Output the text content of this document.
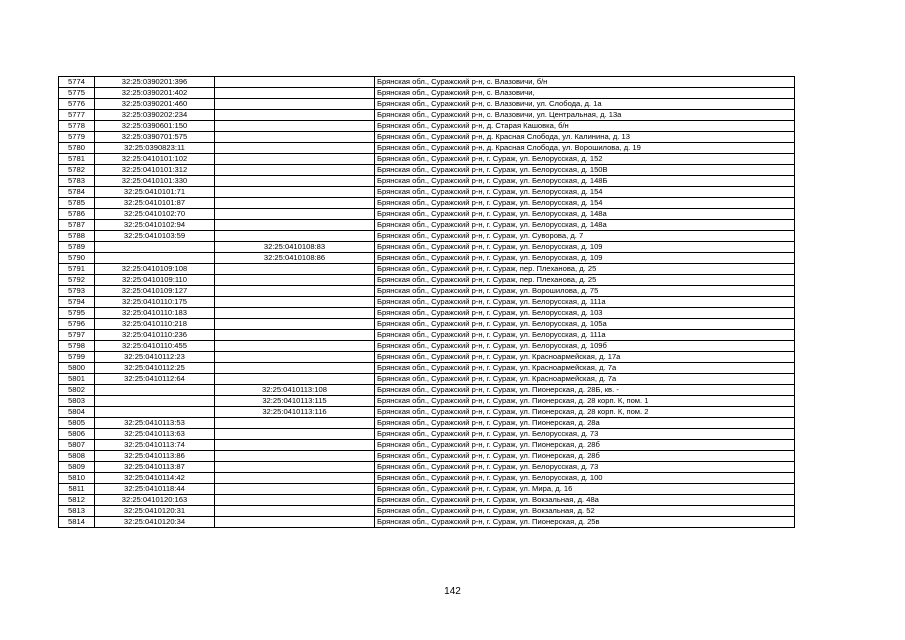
5774	32:25:0390201:396		Брянская обл., Суражский р-н, с. Влазовичи, б/н
5775	32:25:0390201:402		Брянская обл., Суражский р-н, с. Влазовичи,
5776	32:25:0390201:460		Брянская обл., Суражский р-н, с. Влазовичи, ул. Слобода, д. 1а
5777	32:25:0390202:234		Брянская обл., Суражский р-н, с. Влазовичи, ул. Центральная, д. 13а
5778	32:25:0390601:150		Брянская обл., Суражский р-н, д. Старая Кашовка, б/н
5779	32:25:0390701:575		Брянская обл., Суражский р-н, д. Красная Слобода, ул. Калинина, д. 13
5780	32:25:0390823:11		Брянская обл., Суражский р-н, д. Красная Слобода, ул. Ворошилова, д. 19
5781	32:25:0410101:102		Брянская обл., Суражский р-н, г. Сураж, ул. Белорусская, д. 152
5782	32:25:0410101:312		Брянская обл., Суражский р-н, г. Сураж, ул. Белорусская, д. 150В
5783	32:25:0410101:330		Брянская обл., Суражский р-н, г. Сураж, ул. Белорусская, д. 148Б
5784	32:25:0410101:71		Брянская обл., Суражский р-н, г. Сураж, ул. Белорусская, д. 154
5785	32:25:0410101:87		Брянская обл., Суражский р-н, г. Сураж, ул. Белорусская, д. 154
5786	32:25:0410102:70		Брянская обл., Суражский р-н, г. Сураж, ул. Белорусская, д. 148а
5787	32:25:0410102:94		Брянская обл., Суражский р-н, г. Сураж, ул. Белорусская, д. 148а
5788	32:25:0410103:59		Брянская обл., Суражский р-н, г. Сураж, ул. Суворова, д. 7
5789		32:25:0410108:83	Брянская обл., Суражский р-н, г. Сураж, ул. Белорусская, д. 109
5790		32:25:0410108:86	Брянская обл., Суражский р-н, г. Сураж, ул. Белорусская, д. 109
5791	32:25:0410109:108		Брянская обл., Суражский р-н, г. Сураж, пер. Плеханова, д. 25
5792	32:25:0410109:110		Брянская обл., Суражский р-н, г. Сураж, пер. Плеханова, д. 25
5793	32:25:0410109:127		Брянская обл., Суражский р-н, г. Сураж, ул. Ворошилова, д. 75
5794	32:25:0410110:175		Брянская обл., Суражский р-н, г. Сураж, ул. Белорусская, д. 111а
5795	32:25:0410110:183		Брянская обл., Суражский р-н, г. Сураж, ул. Белорусская, д. 103
5796	32:25:0410110:218		Брянская обл., Суражский р-н, г. Сураж, ул. Белорусская, д. 105а
5797	32:25:0410110:236		Брянская обл., Суражский р-н, г. Сураж, ул. Белорусская, д. 111а
5798	32:25:0410110:455		Брянская обл., Суражский р-н, г. Сураж, ул. Белорусская, д. 109б
5799	32:25:0410112:23		Брянская обл., Суражский р-н, г. Сураж, ул. Красноармейская, д. 17а
5800	32:25:0410112:25		Брянская обл., Суражский р-н, г. Сураж, ул. Красноармейская, д. 7а
5801	32:25:0410112:64		Брянская обл., Суражский р-н, г. Сураж, ул. Красноармейская, д. 7а
5802		32:25:0410113:108	Брянская обл., Суражский р-н, г. Сураж, ул. Пионерская, д. 28Б, кв. -
5803		32:25:0410113:115	Брянская обл., Суражский р-н, г. Сураж, ул. Пионерская, д. 28 корп. К, пом. 1
5804		32:25:0410113:116	Брянская обл., Суражский р-н, г. Сураж, ул. Пионерская, д. 28 корп. К, пом. 2
5805	32:25:0410113:53		Брянская обл., Суражский р-н, г. Сураж, ул. Пионерская, д. 28а
5806	32:25:0410113:63		Брянская обл., Суражский р-н, г. Сураж, ул. Белорусская, д. 73
5807	32:25:0410113:74		Брянская обл., Суражский р-н, г. Сураж, ул. Пионерская, д. 28б
5808	32:25:0410113:86		Брянская обл., Суражский р-н, г. Сураж, ул. Пионерская, д. 28б
5809	32:25:0410113:87		Брянская обл., Суражский р-н, г. Сураж, ул. Белорусская, д. 73
5810	32:25:0410114:42		Брянская обл., Суражский р-н, г. Сураж, ул. Белорусская, д. 100
5811	32:25:0410118:44		Брянская обл., Суражский р-н, г. Сураж, ул. Мира, д. 16
5812	32:25:0410120:163		Брянская обл., Суражский р-н, г. Сураж, ул. Вокзальная, д. 48а
5813	32:25:0410120:31		Брянская обл., Суражский р-н, г. Сураж, ул. Вокзальная, д. 52
5814	32:25:0410120:34		Брянская обл., Суражский р-н, г. Сураж, ул. Пионерская, д. 25в
142
